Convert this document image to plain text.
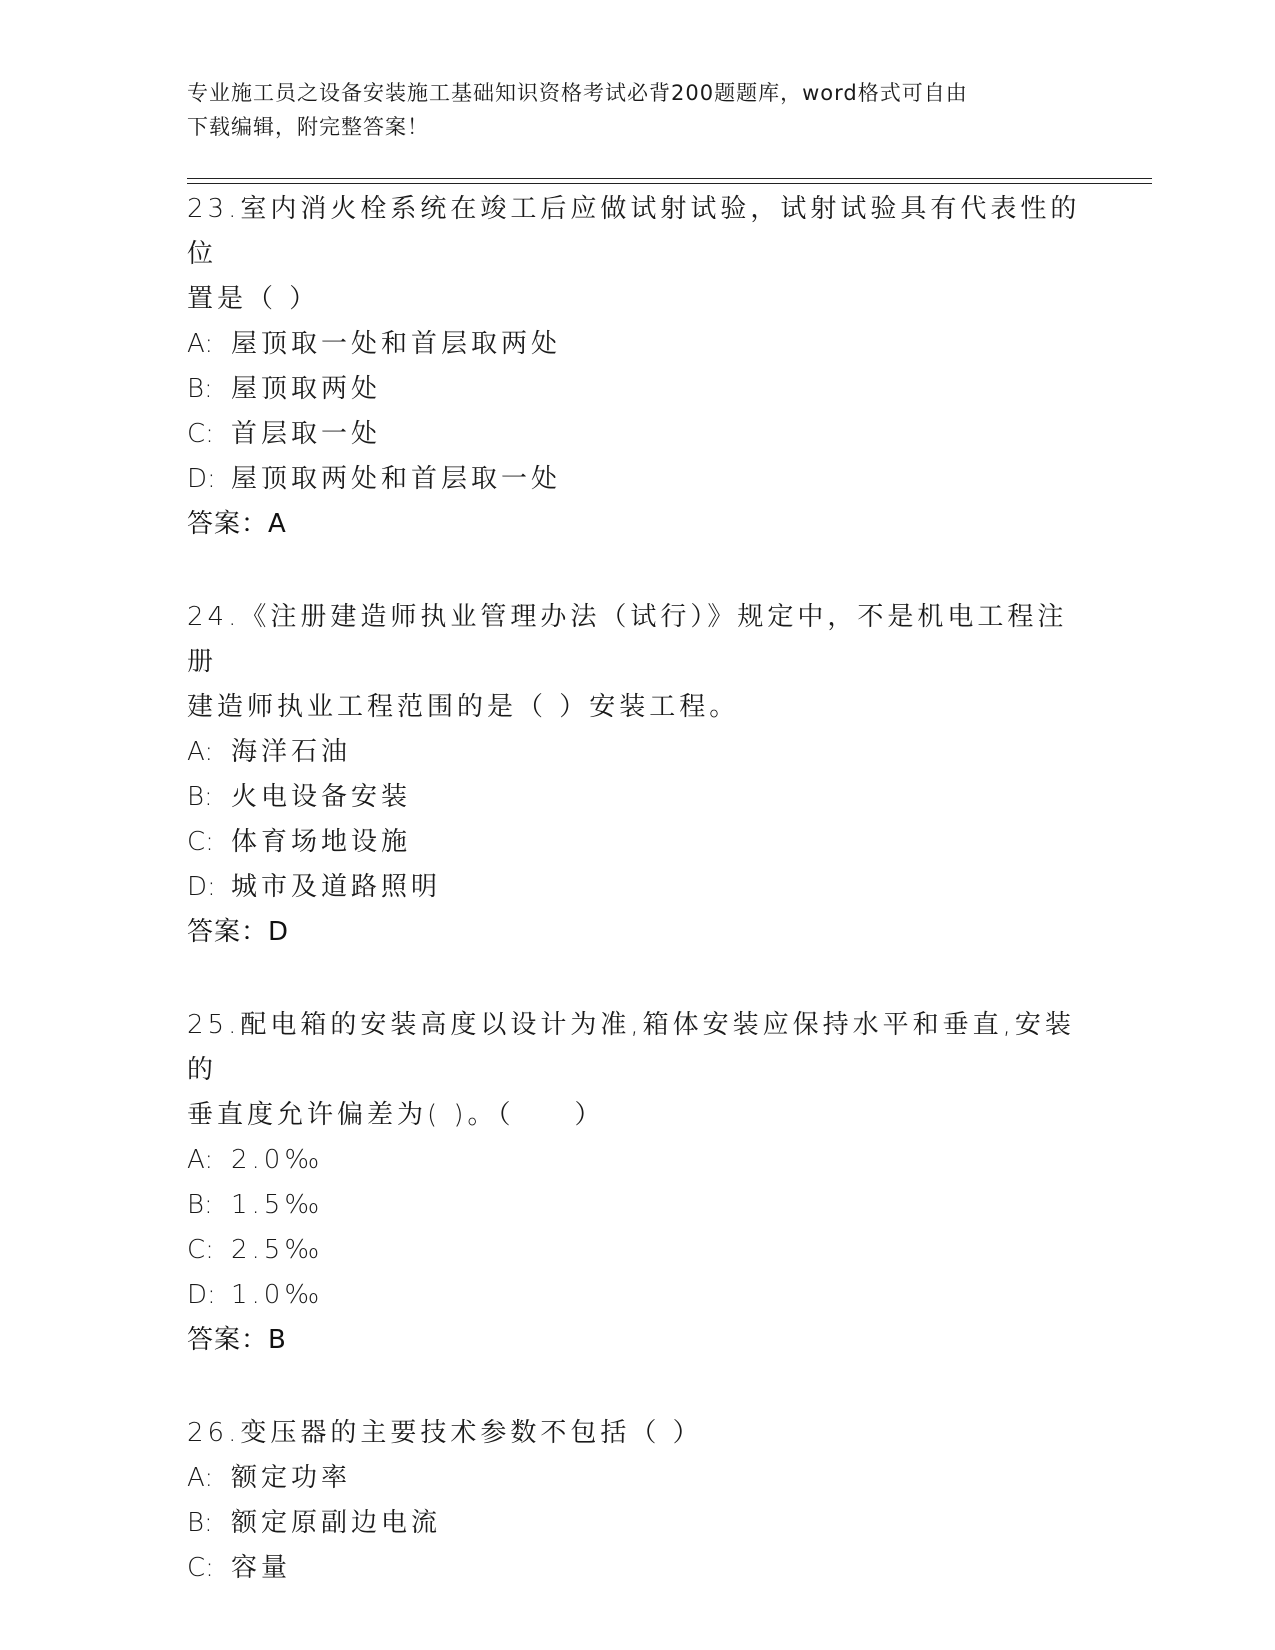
专业施工员之设备安装施工基础知识资格考试必背200题题库，word格式可自由
下载编辑，附完整答案！
23.室内消火栓系统在竣工后应做试射试验，试射试验具有代表性的位
置是（ ）
A: 屋顶取一处和首层取两处
B: 屋顶取两处
C: 首层取一处
D: 屋顶取两处和首层取一处
答案：A
24.《注册建造师执业管理办法（试行）》规定中，不是机电工程注册
建造师执业工程范围的是（ ）安装工程。
A: 海洋石油
B: 火电设备安装
C: 体育场地设施
D: 城市及道路照明
答案：D
25.配电箱的安装高度以设计为准,箱体安装应保持水平和垂直,安装的
垂直度允许偏差为( )。（　　）
A: 2.0‰
B: 1.5‰
C: 2.5‰
D: 1.0‰
答案：B
26.变压器的主要技术参数不包括（ ）
A: 额定功率
B: 额定原副边电流
C: 容量
